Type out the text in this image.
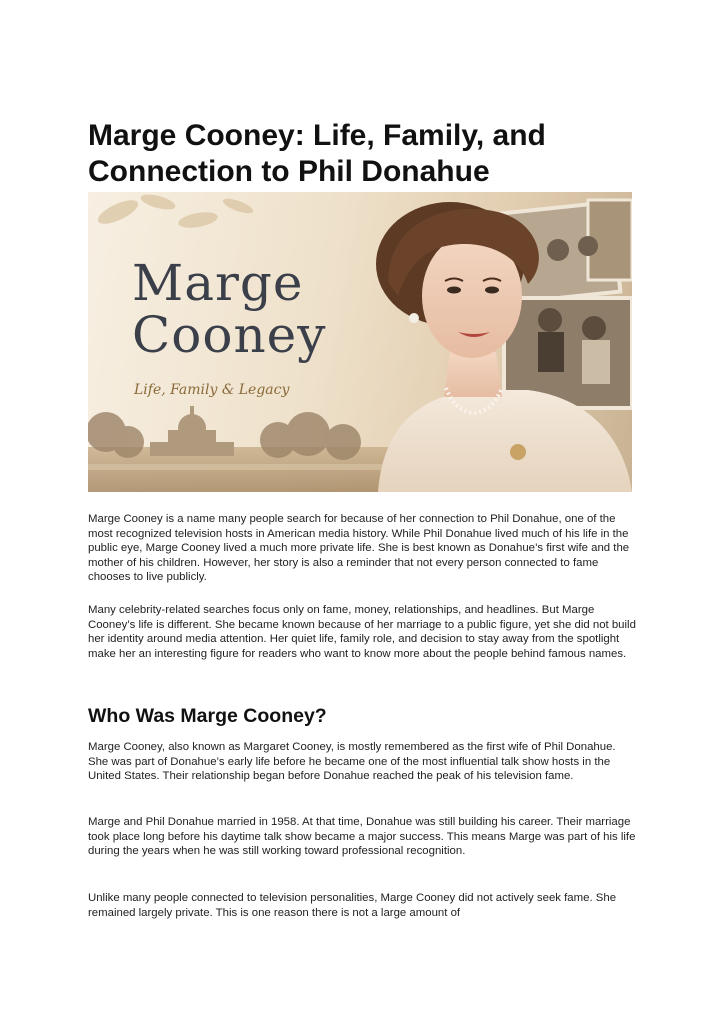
Marge Cooney: Life, Family, and Connection to Phil Donahue

Marge

Cooney

Life, Family & Legacy

Marge Cooney is a name many people search for because of her connection to Phil Donahue, one of the most recognized television hosts in American media history. While Phil Donahue lived much of his life in the public eye, Marge Cooney lived a much more private life. She is best known as Donahue’s first wife and the mother of his children. However, her story is also a reminder that not every person connected to fame chooses to live publicly.

Many celebrity-related searches focus only on fame, money, relationships, and headlines. But Marge Cooney’s life is different. She became known because of her marriage to a public figure, yet she did not build her identity around media attention. Her quiet life, family role, and decision to stay away from the spotlight make her an interesting figure for readers who want to know more about the people behind famous names.

Who Was Marge Cooney?

Marge Cooney, also known as Margaret Cooney, is mostly remembered as the first wife of Phil Donahue. She was part of Donahue’s early life before he became one of the most influential talk show hosts in the United States. Their relationship began before Donahue reached the peak of his television fame.

Marge and Phil Donahue married in 1958. At that time, Donahue was still building his career. Their marriage took place long before his daytime talk show became a major success. This means Marge was part of his life during the years when he was still working toward professional recognition.

Unlike many people connected to television personalities, Marge Cooney did not actively seek fame. She remained largely private. This is one reason there is not a large amount of
